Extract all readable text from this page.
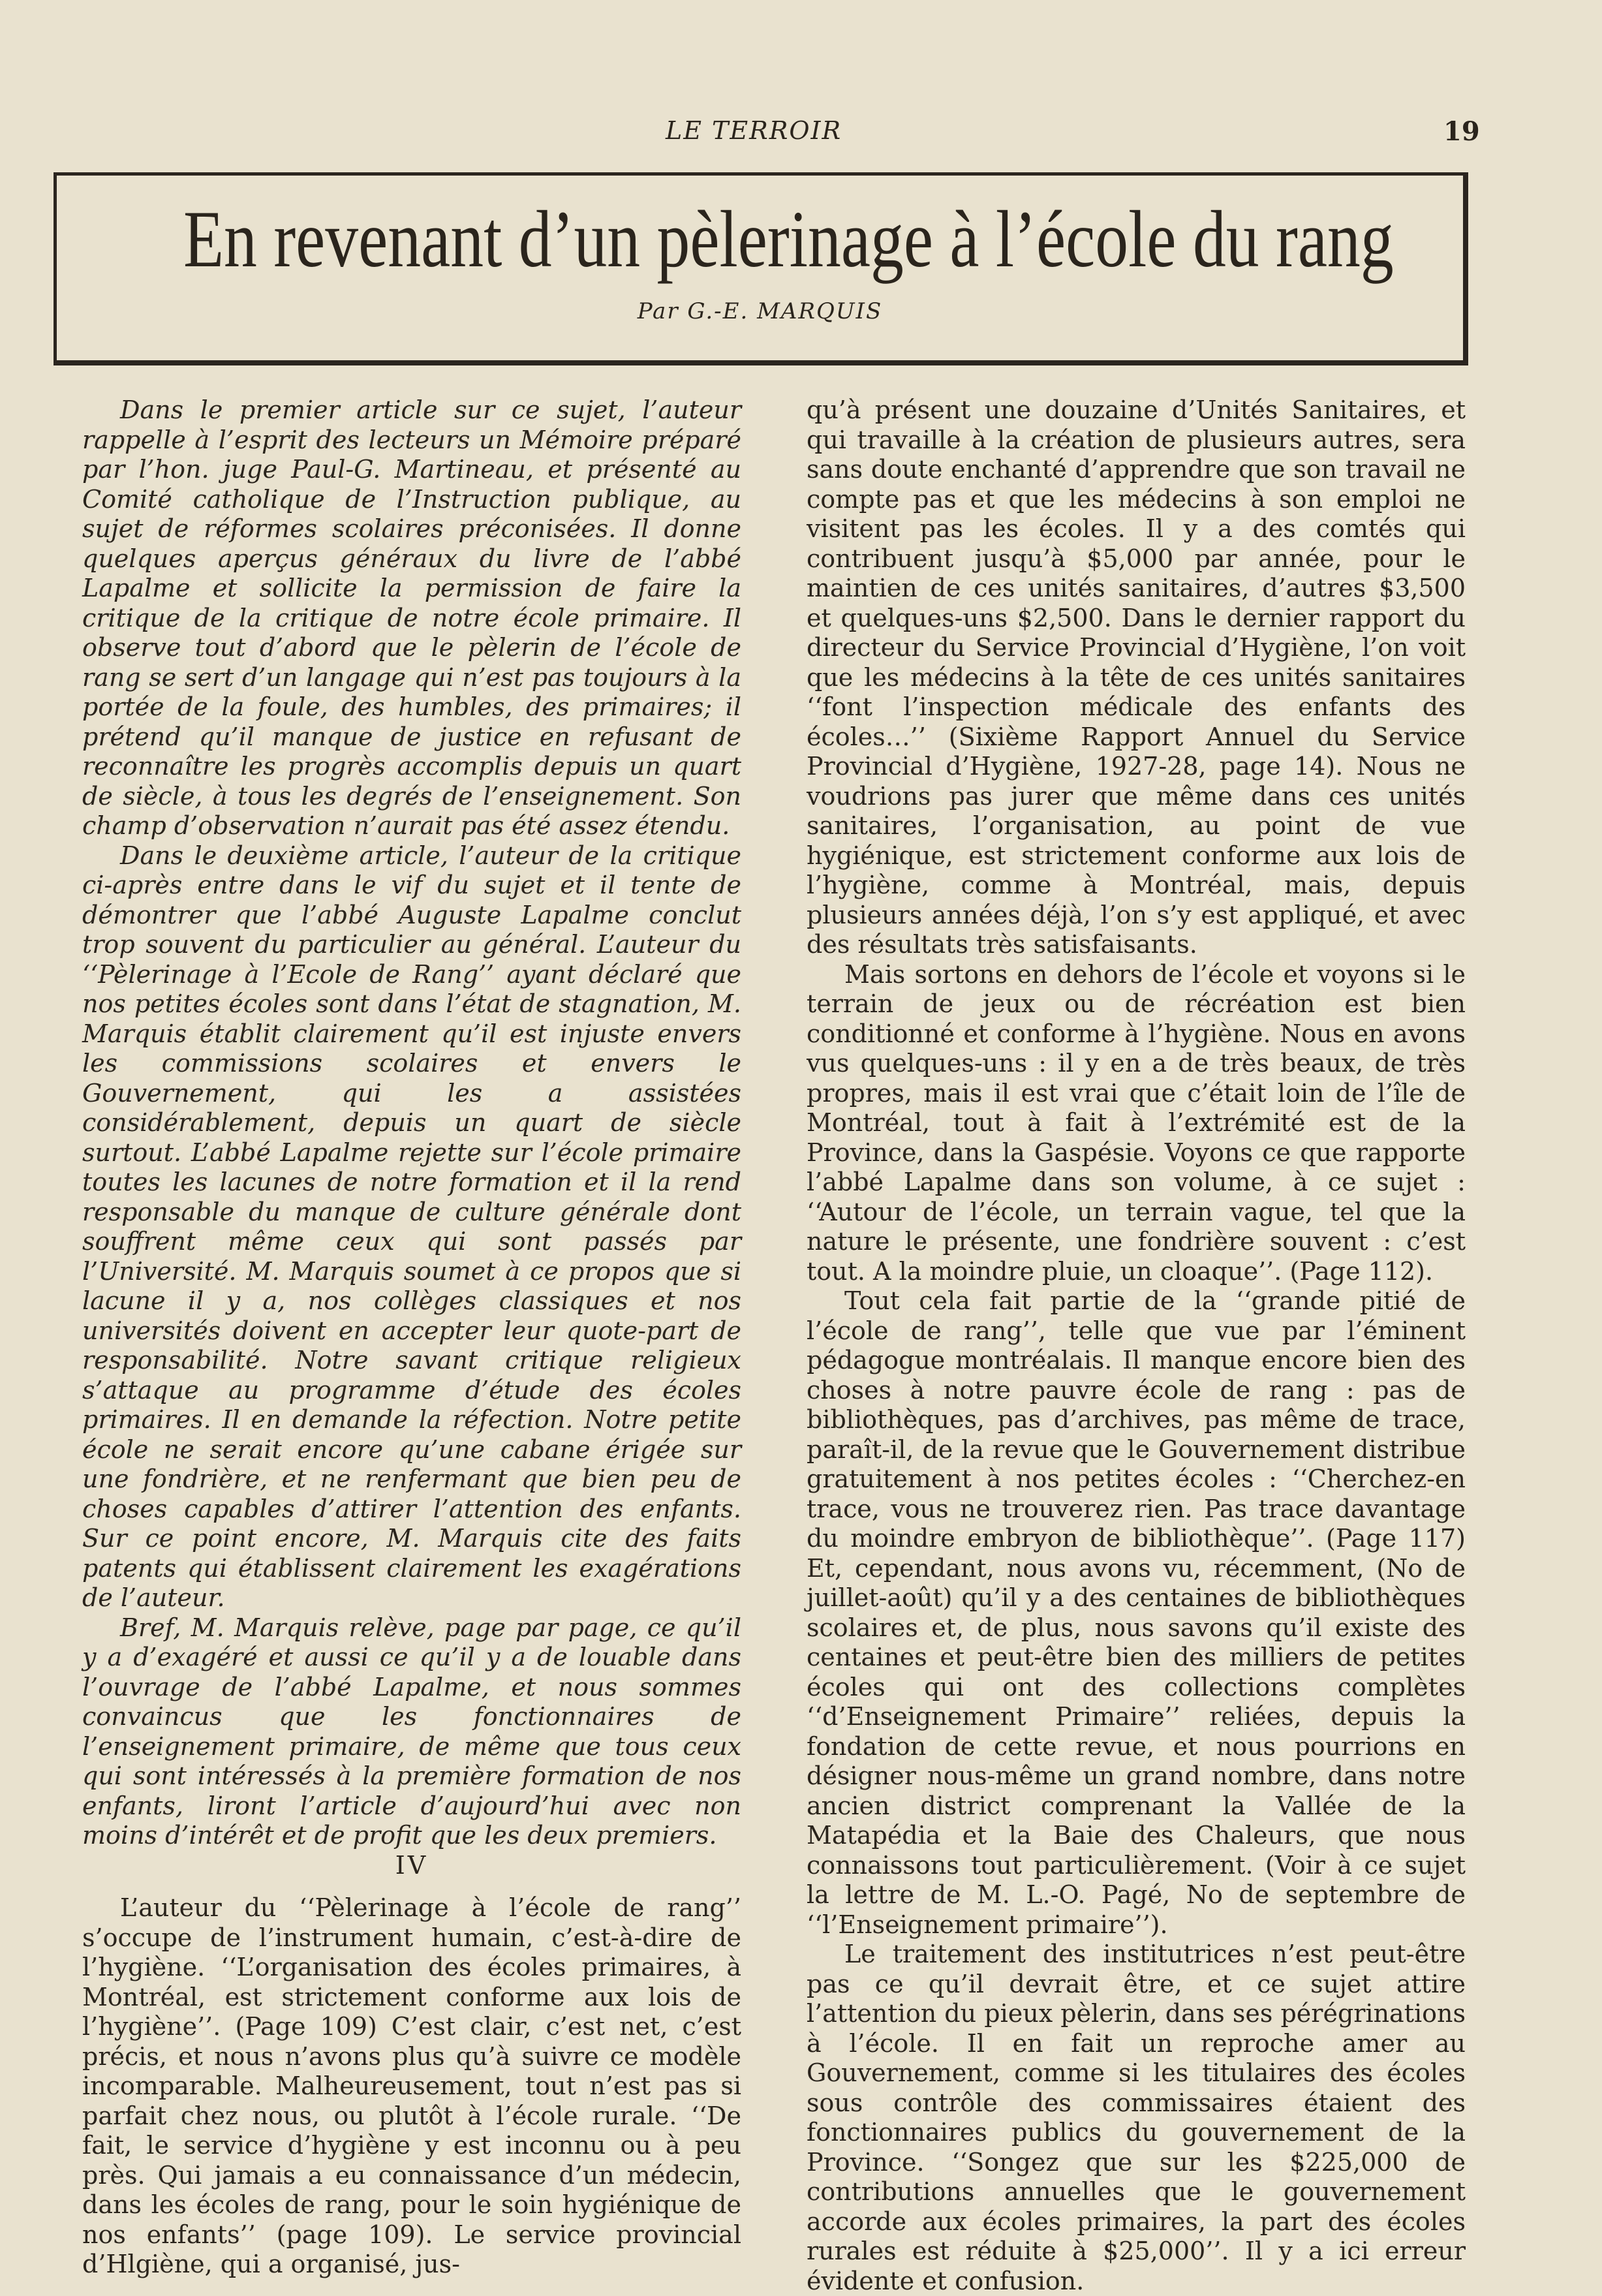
LE TERROIR	19
En revenant d’un pèlerinage à l’école du rang
Par G.-E. MARQUIS

Dans le premier article sur ce sujet, l’auteur rappelle à l’esprit des lecteurs un Mémoire préparé par l’hon. juge Paul-G. Martineau, et présenté au Comité catholique de l’Instruction publique, au sujet de réformes scolaires préconisées. Il donne quelques aperçus généraux du livre de l’abbé Lapalme et sollicite la permission de faire la critique de la critique de notre école primaire. Il observe tout d’abord que le pèlerin de l’école de rang se sert d’un langage qui n’est pas toujours à la portée de la foule, des humbles, des primaires; il prétend qu’il manque de justice en refusant de reconnaître les progrès accomplis depuis un quart de siècle, à tous les degrés de l’enseignement. Son champ d’observation n’aurait pas été assez étendu.

Dans le deuxième article, l’auteur de la critique ci-après entre dans le vif du sujet et il tente de démontrer que l’abbé Auguste Lapalme conclut trop souvent du particulier au général. L’auteur du ‘‘Pèlerinage à l’Ecole de Rang’’ ayant déclaré que nos petites écoles sont dans l’état de stagnation, M. Marquis établit clairement qu’il est injuste envers les commissions scolaires et envers le Gouvernement, qui les a assistées considérablement, depuis un quart de siècle surtout. L’abbé Lapalme rejette sur l’école primaire toutes les lacunes de notre formation et il la rend responsable du manque de culture générale dont souffrent même ceux qui sont passés par l’Université. M. Marquis soumet à ce propos que si lacune il y a, nos collèges classiques et nos universités doivent en accepter leur quote-part de responsabilité. Notre savant critique religieux s’attaque au programme d’étude des écoles primaires. Il en demande la réfection. Notre petite école ne serait encore qu’une cabane érigée sur une fondrière, et ne renfermant que bien peu de choses capables d’attirer l’attention des enfants. Sur ce point encore, M. Marquis cite des faits patents qui établissent clairement les exagérations de l’auteur.

Bref, M. Marquis relève, page par page, ce qu’il y a d’exagéré et aussi ce qu’il y a de louable dans l’ouvrage de l’abbé Lapalme, et nous sommes convaincus que les fonctionnaires de l’enseignement primaire, de même que tous ceux qui sont intéressés à la première formation de nos enfants, liront l’article d’aujourd’hui avec non moins d’intérêt et de profit que les deux premiers.

IV

L’auteur du ‘‘Pèlerinage à l’école de rang’’ s’occupe de l’instrument humain, c’est-à-dire de l’hygiène. ‘‘L’organisation des écoles primaires, à Montréal, est strictement conforme aux lois de l’hygiène’’. (Page 109) C’est clair, c’est net, c’est précis, et nous n’avons plus qu’à suivre ce modèle incomparable. Malheureusement, tout n’est pas si parfait chez nous, ou plutôt à l’école rurale. ‘‘De fait, le service d’hygiène y est inconnu ou à peu près. Qui jamais a eu connaissance d’un médecin, dans les écoles de rang, pour le soin hygiénique de nos enfants’’ (page 109). Le service provincial d’Hlgiène, qui a organisé, jus-

qu’à présent une douzaine d’Unités Sanitaires, et qui travaille à la création de plusieurs autres, sera sans doute enchanté d’apprendre que son travail ne compte pas et que les médecins à son emploi ne visitent pas les écoles. Il y a des comtés qui contribuent jusqu’à $5,000 par année, pour le maintien de ces unités sanitaires, d’autres $3,500 et quelques-uns $2,500. Dans le dernier rapport du directeur du Service Provincial d’Hygiène, l’on voit que les médecins à la tête de ces unités sanitaires ‘‘font l’inspection médicale des enfants des écoles…’’ (Sixième Rapport Annuel du Service Provincial d’Hygiène, 1927-28, page 14). Nous ne voudrions pas jurer que même dans ces unités sanitaires, l’organisation, au point de vue hygiénique, est strictement conforme aux lois de l’hygiène, comme à Montréal, mais, depuis plusieurs années déjà, l’on s’y est appliqué, et avec des résultats très satisfaisants.

Mais sortons en dehors de l’école et voyons si le terrain de jeux ou de récréation est bien conditionné et conforme à l’hygiène. Nous en avons vus quelques-uns : il y en a de très beaux, de très propres, mais il est vrai que c’était loin de l’île de Montréal, tout à fait à l’extrémité est de la Province, dans la Gaspésie. Voyons ce que rapporte l’abbé Lapalme dans son volume, à ce sujet : ‘‘Autour de l’école, un terrain vague, tel que la nature le présente, une fondrière souvent : c’est tout. A la moindre pluie, un cloaque’’. (Page 112).

Tout cela fait partie de la ‘‘grande pitié de l’école de rang’’, telle que vue par l’éminent pédagogue montréalais. Il manque encore bien des choses à notre pauvre école de rang : pas de bibliothèques, pas d’archives, pas même de trace, paraît-il, de la revue que le Gouvernement distribue gratuitement à nos petites écoles : ‘‘Cherchez-en trace, vous ne trouverez rien. Pas trace davantage du moindre embryon de bibliothèque’’. (Page 117) Et, cependant, nous avons vu, récemment, (No de juillet-août) qu’il y a des centaines de bibliothèques scolaires et, de plus, nous savons qu’il existe des centaines et peut-être bien des milliers de petites écoles qui ont des collections complètes ‘‘d’Enseignement Primaire’’ reliées, depuis la fondation de cette revue, et nous pourrions en désigner nous-même un grand nombre, dans notre ancien district comprenant la Vallée de la Matapédia et la Baie des Chaleurs, que nous connaissons tout particulièrement. (Voir à ce sujet la lettre de M. L.-O. Pagé, No de septembre de ‘‘l’Enseignement primaire’’).

Le traitement des institutrices n’est peut-être pas ce qu’il devrait être, et ce sujet attire l’attention du pieux pèlerin, dans ses pérégrinations à l’école. Il en fait un reproche amer au Gouvernement, comme si les titulaires des écoles sous contrôle des commissaires étaient des fonctionnaires publics du gouvernement de la Province. ‘‘Songez que sur les $225,000 de contributions annuelles que le gouvernement accorde aux écoles primaires, la part des écoles rurales est réduite à $25,000’’. Il y a ici erreur évidente et confusion.
